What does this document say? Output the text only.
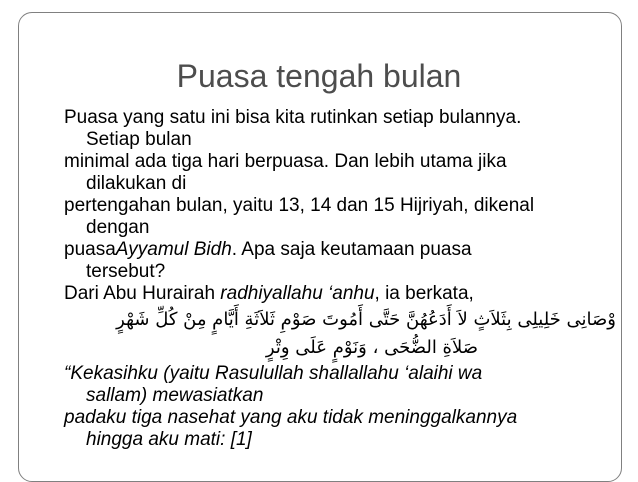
Puasa tengah bulan

Puasa yang satu ini bisa kita rutinkan setiap bulannya.
Setiap bulan

minimal ada tiga hari berpuasa. Dan lebih utama jika
dilakukan di

pertengahan bulan, yaitu 13, 14 dan 15 Hijriyah, dikenal
dengan

puasaAyyamul Bidh. Apa saja keutamaan puasa
tersebut?

Dari Abu Hurairah radhiyallahu ‘anhu, ia berkata,

وْصَانِى خَلِيلِى بِثَلاَثٍ لاَ أَدَعُهُنَّ حَتَّى أَمُوتَ صَوْمِ ثَلاَثَةِ أَيَّامٍ مِنْ كُلِّ شَهْرٍ
صَلاَةِ الضُّحَى ، وَنَوْمٍ عَلَى وِتْرٍ

“Kekasihku (yaitu Rasulullah shallallahu ‘alaihi wa
sallam) mewasiatkan

padaku tiga nasehat yang aku tidak meninggalkannya
hingga aku mati: [1]
